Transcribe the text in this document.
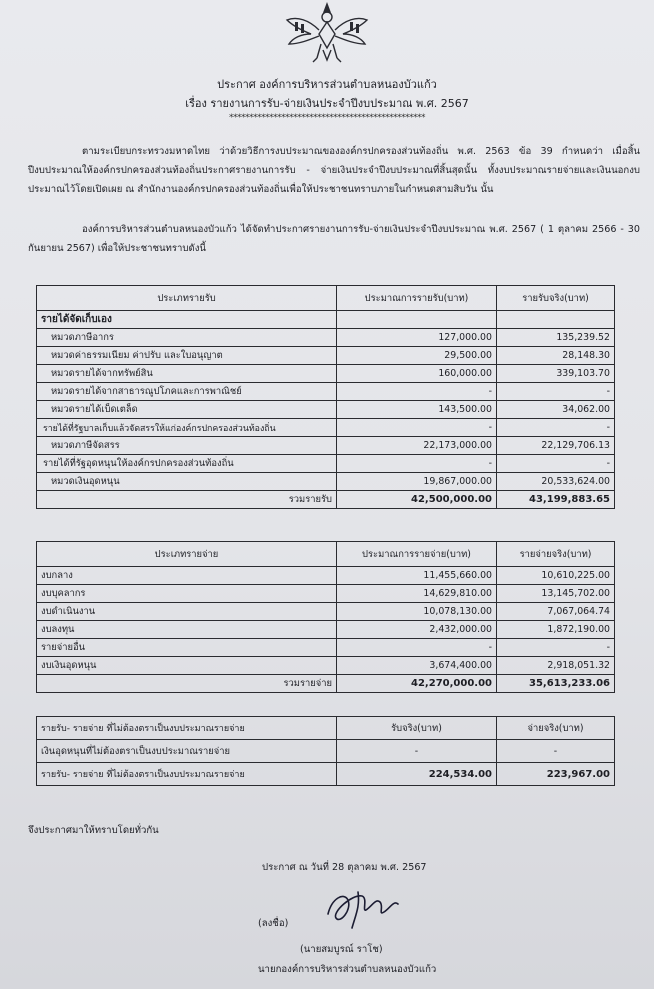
ประกาศ องค์การบริหารส่วนตำบลหนองบัวแก้ว
เรื่อง รายงานการรับ-จ่ายเงินประจำปีงบประมาณ พ.ศ. 2567
*************************************************
ตามระเบียบกระทรวงมหาดไทย ว่าด้วยวิธีการงบประมาณขององค์กรปกครองส่วนท้องถิ่น พ.ศ. 2563 ข้อ 39 กำหนดว่า เมื่อสิ้นปีงบประมาณให้องค์กรปกครองส่วนท้องถิ่นประกาศรายงานการรับ - จ่ายเงินประจำปีงบประมาณที่สิ้นสุดนั้น ทั้งงบประมาณรายจ่ายและเงินนอกงบประมาณไว้โดยเปิดเผย ณ สำนักงานองค์กรปกครองส่วนท้องถิ่นเพื่อให้ประชาชนทราบภายในกำหนดสามสิบวัน นั้น
องค์การบริหารส่วนตำบลหนองบัวแก้ว ได้จัดทำประกาศรายงานการรับ-จ่ายเงินประจำปีงบประมาณ พ.ศ. 2567 ( 1 ตุลาคม 2566 - 30 กันยายน 2567) เพื่อให้ประชาชนทราบดังนี้
ประเภทรายรับ	ประมาณการรายรับ(บาท)	รายรับจริง(บาท)
รายได้จัดเก็บเอง		
หมวดภาษีอากร	127,000.00	135,239.52
หมวดค่าธรรมเนียม ค่าปรับ และใบอนุญาต	29,500.00	28,148.30
หมวดรายได้จากทรัพย์สิน	160,000.00	339,103.70
หมวดรายได้จากสาธารณูปโภคและการพาณิชย์	-	-
หมวดรายได้เบ็ดเตล็ด	143,500.00	34,062.00
รายได้ที่รัฐบาลเก็บแล้วจัดสรรให้แก่องค์กรปกครองส่วนท้องถิ่น	-	-
หมวดภาษีจัดสรร	22,173,000.00	22,129,706.13
รายได้ที่รัฐอุดหนุนให้องค์กรปกครองส่วนท้องถิ่น	-	-
หมวดเงินอุดหนุน	19,867,000.00	20,533,624.00
รวมรายรับ	42,500,000.00	43,199,883.65
ประเภทรายจ่าย	ประมาณการรายจ่าย(บาท)	รายจ่ายจริง(บาท)
งบกลาง	11,455,660.00	10,610,225.00
งบบุคลากร	14,629,810.00	13,145,702.00
งบดำเนินงาน	10,078,130.00	7,067,064.74
งบลงทุน	2,432,000.00	1,872,190.00
รายจ่ายอื่น	-	-
งบเงินอุดหนุน	3,674,400.00	2,918,051.32
รวมรายจ่าย	42,270,000.00	35,613,233.06
รายรับ- รายจ่าย ที่ไม่ต้องตราเป็นงบประมาณรายจ่าย	รับจริง(บาท)	จ่ายจริง(บาท)
เงินอุดหนุนที่ไม่ต้องตราเป็นงบประมาณรายจ่าย	-	-
รายรับ- รายจ่าย ที่ไม่ต้องตราเป็นงบประมาณรายจ่าย	224,534.00	223,967.00
จึงประกาศมาให้ทราบโดยทั่วกัน
ประกาศ ณ วันที่ 28 ตุลาคม พ.ศ. 2567
(ลงชื่อ)
(นายสมบูรณ์ ราโช)
นายกองค์การบริหารส่วนตำบลหนองบัวแก้ว
